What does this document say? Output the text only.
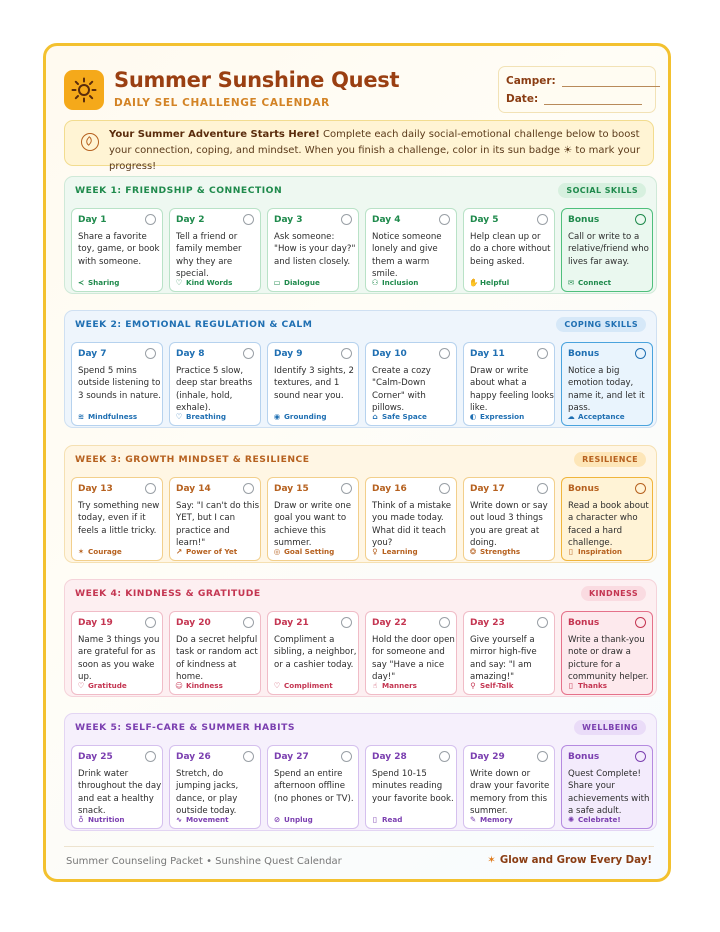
Summer Sunshine Quest
DAILY SEL CHALLENGE CALENDAR
Camper:
Date:
Your Summer Adventure Starts Here! Complete each daily social-emotional challenge below to boost your connection, coping, and mindset. When you finish a challenge, color in its sun badge ☀ to mark your progress!
WEEK 1: FRIENDSHIP & CONNECTION	SOCIAL SKILLS
Day 1
Share a favorite toy, game, or book with someone.
≺ Sharing
Day 2
Tell a friend or family member why they are special.
♡ Kind Words
Day 3
Ask someone: "How is your day?" and listen closely.
▭ Dialogue
Day 4
Notice someone lonely and give them a warm smile.
⚇ Inclusion
Day 5
Help clean up or do a chore without being asked.
✋ Helpful
Bonus
Call or write to a relative/friend who lives far away.
✉ Connect
WEEK 2: EMOTIONAL REGULATION & CALM	COPING SKILLS
Day 7
Spend 5 mins outside listening to 3 sounds in nature.
≋ Mindfulness
Day 8
Practice 5 slow, deep star breaths (inhale, hold, exhale).
♡ Breathing
Day 9
Identify 3 sights, 2 textures, and 1 sound near you.
◉ Grounding
Day 10
Create a cozy "Calm-Down Corner" with pillows.
⌂ Safe Space
Day 11
Draw or write about what a happy feeling looks like.
◐ Expression
Bonus
Notice a big emotion today, name it, and let it pass.
☁ Acceptance
WEEK 3: GROWTH MINDSET & RESILIENCE	RESILIENCE
Day 13
Try something new today, even if it feels a little tricky.
✶ Courage
Day 14
Say: "I can't do this YET, but I can practice and learn!"
↗ Power of Yet
Day 15
Draw or write one goal you want to achieve this summer.
◎ Goal Setting
Day 16
Think of a mistake you made today. What did it teach you?
♀ Learning
Day 17
Write down or say out loud 3 things you are great at doing.
❂ Strengths
Bonus
Read a book about a character who faced a hard challenge.
▯ Inspiration
WEEK 4: KINDNESS & GRATITUDE	KINDNESS
Day 19
Name 3 things you are grateful for as soon as you wake up.
♡ Gratitude
Day 20
Do a secret helpful task or random act of kindness at home.
☺ Kindness
Day 21
Compliment a sibling, a neighbor, or a cashier today.
♡ Compliment
Day 22
Hold the door open for someone and say "Have a nice day!"
☝ Manners
Day 23
Give yourself a mirror high-five and say: "I am amazing!"
⚲ Self-Talk
Bonus
Write a thank-you note or draw a picture for a community helper.
▯ Thanks
WEEK 5: SELF-CARE & SUMMER HABITS	WELLBEING
Day 25
Drink water throughout the day and eat a healthy snack.
♁ Nutrition
Day 26
Stretch, do jumping jacks, dance, or play outside today.
∿ Movement
Day 27
Spend an entire afternoon offline (no phones or TV).
⊘ Unplug
Day 28
Spend 10-15 minutes reading your favorite book.
▯ Read
Day 29
Write down or draw your favorite memory from this summer.
✎ Memory
Bonus
Quest Complete! Share your achievements with a safe adult.
✺ Celebrate!
Summer Counseling Packet • Sunshine Quest Calendar	✶ Glow and Grow Every Day!
